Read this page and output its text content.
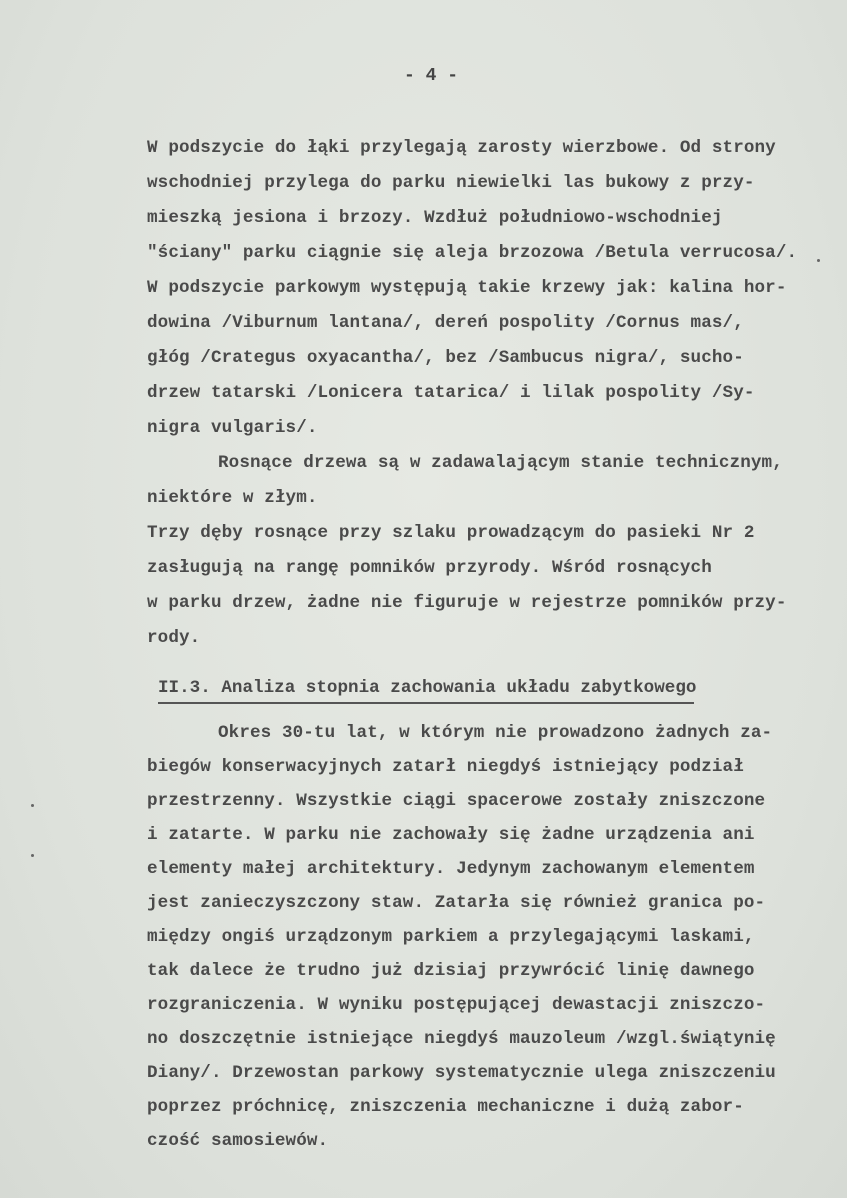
- 4 -
W podszycie do łąki przylegają zarosty wierzbowe. Od strony
wschodniej przylega do parku niewielki las bukowy z przy-
mieszką jesiona i brzozy. Wzdłuż południowo-wschodniej
"ściany" parku ciągnie się aleja brzozowa /Betula verrucosa/.
W podszycie parkowym występują takie krzewy jak: kalina hor-
dowina /Viburnum lantana/, dereń pospolity /Cornus mas/,
głóg /Crategus oxyacantha/, bez /Sambucus nigra/, sucho-
drzew tatarski /Lonicera tatarica/ i lilak pospolity /Sy-
nigra vulgaris/.
Rosnące drzewa są w zadawalającym stanie technicznym,
niektóre w złym.
Trzy dęby rosnące przy szlaku prowadzącym do pasieki Nr 2
zasługują na rangę pomników przyrody. Wśród rosnących
w parku drzew, żadne nie figuruje w rejestrze pomników przy-
rody.
II.3. Analiza stopnia zachowania układu zabytkowego
Okres 30-tu lat, w którym nie prowadzono żadnych za-
biegów konserwacyjnych zatarł niegdyś istniejący podział
przestrzenny. Wszystkie ciągi spacerowe zostały zniszczone
i zatarte. W parku nie zachowały się żadne urządzenia ani
elementy małej architektury. Jedynym zachowanym elementem
jest zanieczyszczony staw. Zatarła się również granica po-
między ongiś urządzonym parkiem a przylegającymi laskami,
tak dalece że trudno już dzisiaj przywrócić linię dawnego
rozgraniczenia. W wyniku postępującej dewastacji zniszczo-
no doszczętnie istniejące niegdyś mauzoleum /wzgl.świątynię
Diany/. Drzewostan parkowy systematycznie ulega zniszczeniu
poprzez próchnicę, zniszczenia mechaniczne i dużą zabor-
czość samosiewów.
